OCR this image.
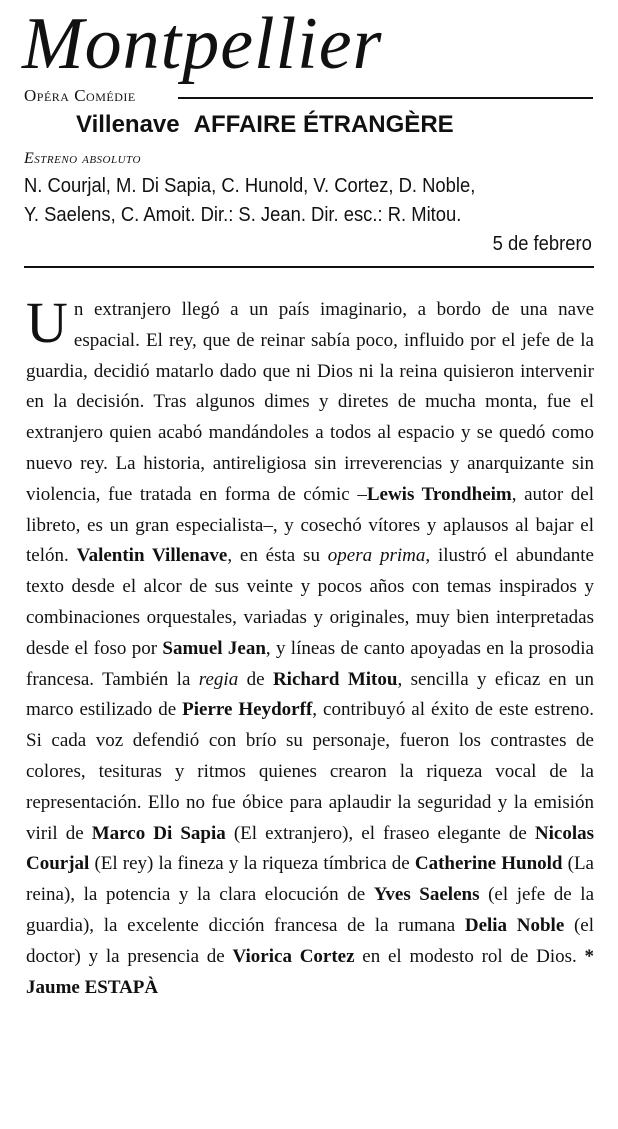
Montpellier
Opéra Comédie
Villenave AFFAIRE ÉTRANGÈRE
Estreno absoluto
N. Courjal, M. Di Sapia, C. Hunold, V. Cortez, D. Noble,
Y. Saelens, C. Amoit. Dir.: S. Jean. Dir. esc.: R. Mitou.
5 de febrero
Un extranjero llegó a un país imaginario, a bordo de una nave espacial. El rey, que de reinar sabía poco, influido por el jefe de la guardia, decidió matarlo dado que ni Dios ni la reina quisieron intervenir en la decisión. Tras algunos dimes y diretes de mucha monta, fue el extranjero quien acabó mandándoles a todos al espacio y se quedó como nuevo rey. La historia, antireligiosa sin irreverencias y anarquizante sin violencia, fue tratada en forma de cómic –Lewis Trondheim, autor del libreto, es un gran especialista–, y cosechó vítores y aplausos al bajar el telón. Valentin Villenave, en ésta su opera prima, ilustró el abundante texto desde el alcor de sus veinte y pocos años con temas inspirados y combinaciones orquestales, variadas y originales, muy bien interpretadas desde el foso por Samuel Jean, y líneas de canto apoyadas en la prosodia francesa. También la regia de Richard Mitou, sencilla y eficaz en un marco estilizado de Pierre Heydorff, contribuyó al éxito de este estreno. Si cada voz defendió con brío su personaje, fueron los contrastes de colores, tesituras y ritmos quienes crearon la riqueza vocal de la representación. Ello no fue óbice para aplaudir la seguridad y la emisión viril de Marco Di Sapia (El extranjero), el fraseo elegante de Nicolas Courjal (El rey) la fineza y la riqueza tímbrica de Catherine Hunold (La reina), la potencia y la clara elocución de Yves Saelens (el jefe de la guardia), la excelente dicción francesa de la rumana Delia Noble (el doctor) y la presencia de Viorica Cortez en el modesto rol de Dios. * Jaume ESTAPÀ
